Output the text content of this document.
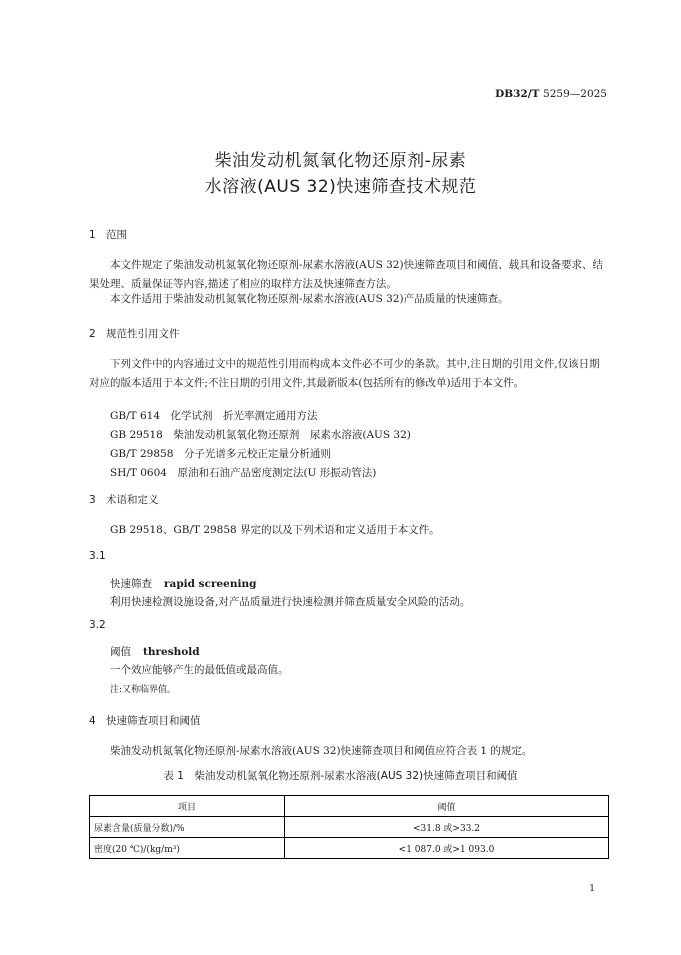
DB32/T 5259—2025
柴油发动机氮氧化物还原剂-尿素
水溶液(AUS 32)快速筛查技术规范
1 范围
本文件规定了柴油发动机氮氧化物还原剂-尿素水溶液(AUS 32)快速筛查项目和阈值、载具和设备要求、结果处理、质量保证等内容,描述了相应的取样方法及快速筛查方法。
本文件适用于柴油发动机氮氧化物还原剂-尿素水溶液(AUS 32)产品质量的快速筛查。
2 规范性引用文件
下列文件中的内容通过文中的规范性引用而构成本文件必不可少的条款。其中,注日期的引用文件,仅该日期对应的版本适用于本文件;不注日期的引用文件,其最新版本(包括所有的修改单)适用于本文件。
GB/T 614　化学试剂　折光率测定通用方法
GB 29518　柴油发动机氮氧化物还原剂　尿素水溶液(AUS 32)
GB/T 29858　分子光谱多元校正定量分析通则
SH/T 0604　原油和石油产品密度测定法(U 形振动管法)
3 术语和定义
GB 29518、GB/T 29858 界定的以及下列术语和定义适用于本文件。
3.1
快速筛查 rapid screening
利用快速检测设施设备,对产品质量进行快速检测并筛查质量安全风险的活动。
3.2
阈值 threshold
一个效应能够产生的最低值或最高值。
注:又称临界值。
4 快速筛查项目和阈值
柴油发动机氮氧化物还原剂-尿素水溶液(AUS 32)快速筛查项目和阈值应符合表 1 的规定。
表 1　柴油发动机氮氧化物还原剂-尿素水溶液(AUS 32)快速筛查项目和阈值
项目	阈值
尿素含量(质量分数)/%	<31.8 或>33.2
密度(20 ℃)/(kg/m³)	<1 087.0 或>1 093.0
1
